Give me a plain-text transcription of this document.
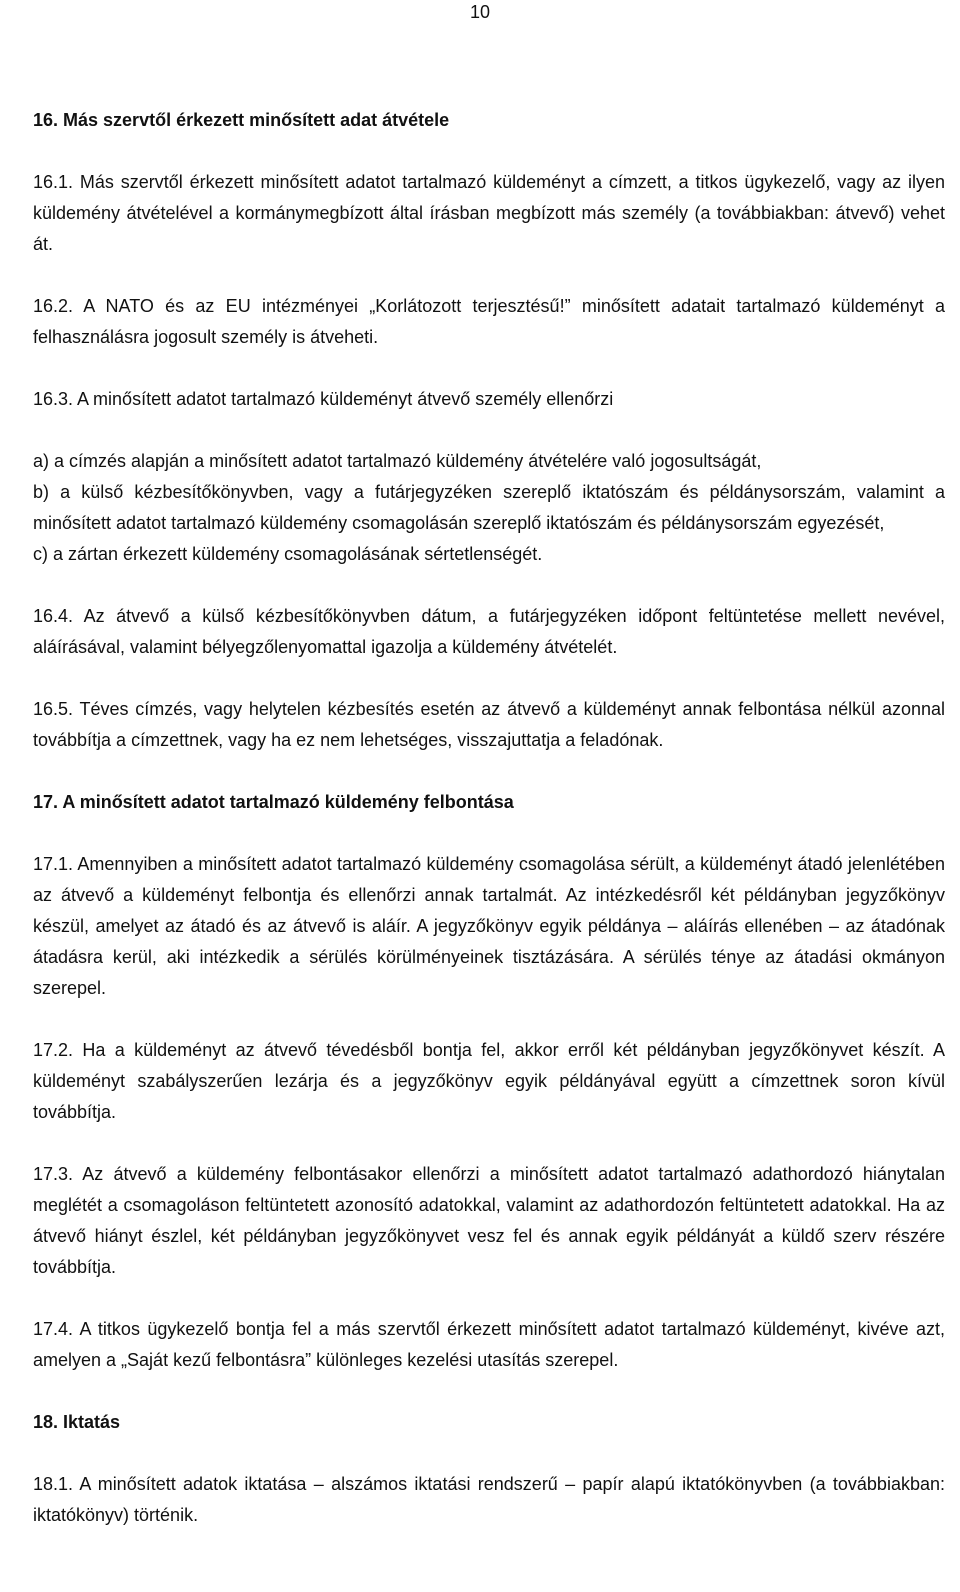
10
16. Más szervtől érkezett minősített adat átvétele
16.1. Más szervtől érkezett minősített adatot tartalmazó küldeményt a címzett, a titkos ügykezelő, vagy az ilyen küldemény átvételével a kormánymegbízott által írásban megbízott más személy (a továbbiakban: átvevő) vehet át.
16.2. A NATO és az EU intézményei „Korlátozott terjesztésű!” minősített adatait tartalmazó küldeményt a felhasználásra jogosult személy is átveheti.
16.3. A minősített adatot tartalmazó küldeményt átvevő személy ellenőrzi
a) a címzés alapján a minősített adatot tartalmazó küldemény átvételére való jogosultságát,
b) a külső kézbesítőkönyvben, vagy a futárjegyzéken szereplő iktatószám és példánysorszám, valamint a minősített adatot tartalmazó küldemény csomagolásán szereplő iktatószám és példánysorszám egyezését,
c) a zártan érkezett küldemény csomagolásának sértetlenségét.
16.4. Az átvevő a külső kézbesítőkönyvben dátum, a futárjegyzéken időpont feltüntetése mellett nevével, aláírásával, valamint bélyegzőlenyomattal igazolja a küldemény átvételét.
16.5. Téves címzés, vagy helytelen kézbesítés esetén az átvevő a küldeményt annak felbontása nélkül azonnal továbbítja a címzettnek, vagy ha ez nem lehetséges, visszajuttatja a feladónak.
17. A minősített adatot tartalmazó küldemény felbontása
17.1. Amennyiben a minősített adatot tartalmazó küldemény csomagolása sérült, a küldeményt átadó jelenlétében az átvevő a küldeményt felbontja és ellenőrzi annak tartalmát. Az intézkedésről két példányban jegyzőkönyv készül, amelyet az átadó és az átvevő is aláír. A jegyzőkönyv egyik példánya – aláírás ellenében – az átadónak átadásra kerül, aki intézkedik a sérülés körülményeinek tisztázására. A sérülés ténye az átadási okmányon szerepel.
17.2. Ha a küldeményt az átvevő tévedésből bontja fel, akkor erről két példányban jegyzőkönyvet készít. A küldeményt szabályszerűen lezárja és a jegyzőkönyv egyik példányával együtt a címzettnek soron kívül továbbítja.
17.3. Az átvevő a küldemény felbontásakor ellenőrzi a minősített adatot tartalmazó adathordozó hiánytalan meglétét a csomagoláson feltüntetett azonosító adatokkal, valamint az adathordozón feltüntetett adatokkal. Ha az átvevő hiányt észlel, két példányban jegyzőkönyvet vesz fel és annak egyik példányát a küldő szerv részére továbbítja.
17.4. A titkos ügykezelő bontja fel a más szervtől érkezett minősített adatot tartalmazó küldeményt, kivéve azt, amelyen a „Saját kezű felbontásra” különleges kezelési utasítás szerepel.
18. Iktatás
18.1. A minősített adatok iktatása – alszámos iktatási rendszerű – papír alapú iktatókönyvben (a továbbiakban: iktatókönyv) történik.
